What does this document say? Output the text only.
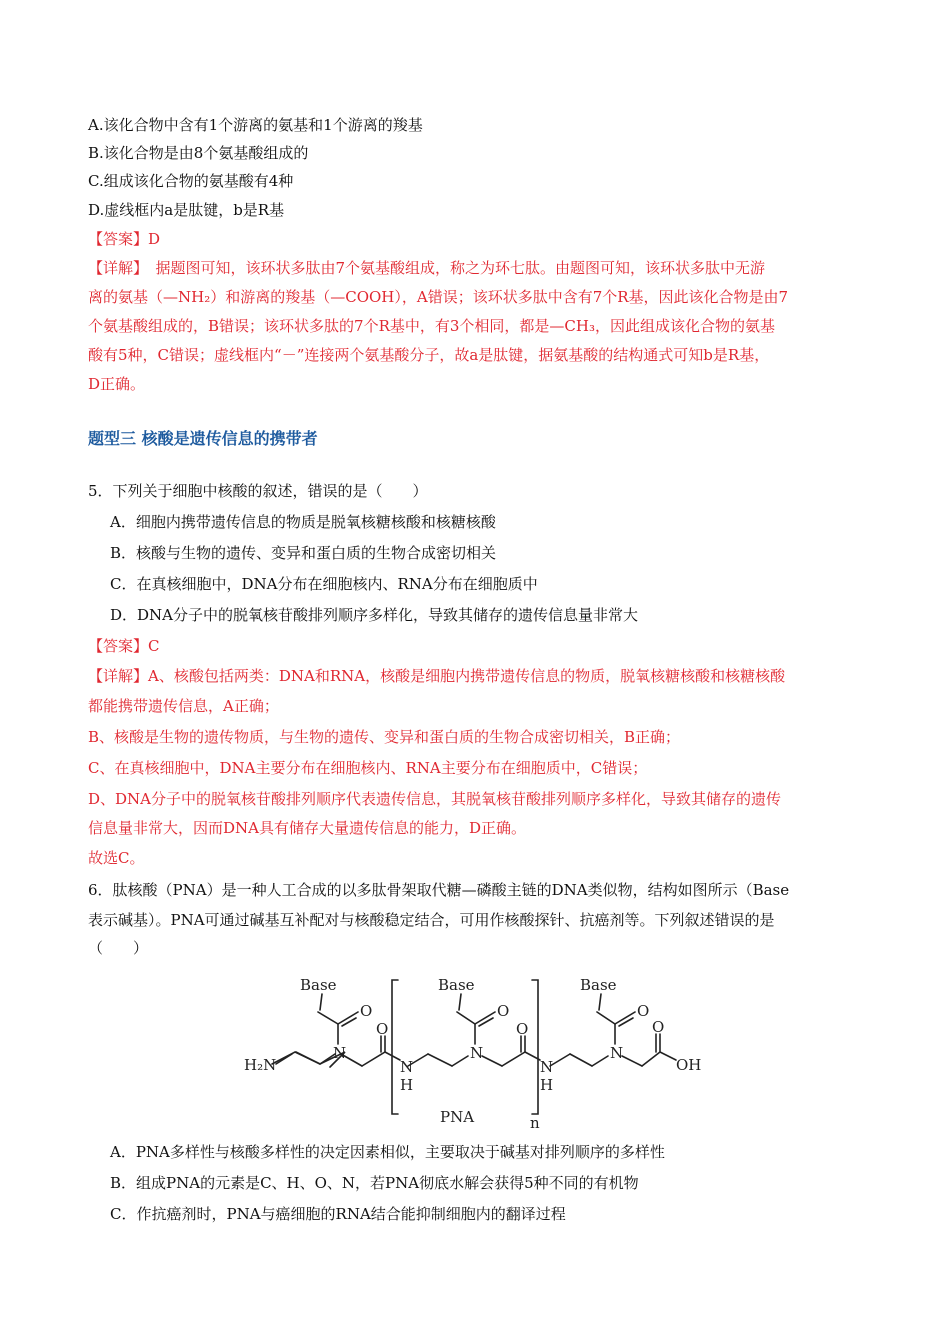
A.该化合物中含有1个游离的氨基和1个游离的羧基
B.该化合物是由8个氨基酸组成的
C.组成该化合物的氨基酸有4种
D.虚线框内a是肽键，b是R基
【答案】D
【详解】　据题图可知，该环状多肽由7个氨基酸组成，称之为环七肽。由题图可知，该环状多肽中无游
离的氨基（—NH₂）和游离的羧基（—COOH），A错误；该环状多肽中含有7个R基，因此该化合物是由7
个氨基酸组成的，B错误；该环状多肽的7个R基中，有3个相同，都是—CH₃，因此组成该化合物的氨基
酸有5种，C错误；虚线框内“－”连接两个氨基酸分子，故a是肽键，据氨基酸的结构通式可知b是R基，
D正确。
题型三 核酸是遗传信息的携带者
5．下列关于细胞中核酸的叙述，错误的是（　　）
A．细胞内携带遗传信息的物质是脱氧核糖核酸和核糖核酸
B．核酸与生物的遗传、变异和蛋白质的生物合成密切相关
C．在真核细胞中，DNA分布在细胞核内、RNA分布在细胞质中
D．DNA分子中的脱氧核苷酸排列顺序多样化，导致其储存的遗传信息量非常大
【答案】C
【详解】A、核酸包括两类：DNA和RNA，核酸是细胞内携带遗传信息的物质，脱氧核糖核酸和核糖核酸
都能携带遗传信息，A正确；
B、核酸是生物的遗传物质，与生物的遗传、变异和蛋白质的生物合成密切相关，B正确；
C、在真核细胞中，DNA主要分布在细胞核内、RNA主要分布在细胞质中，C错误；
D、DNA分子中的脱氧核苷酸排列顺序代表遗传信息，其脱氧核苷酸排列顺序多样化，导致其储存的遗传
信息量非常大，因而DNA具有储存大量遗传信息的能力，D正确。
故选C。
6．肽核酸（PNA）是一种人工合成的以多肽骨架取代糖—磷酸主链的DNA类似物，结构如图所示（Base
表示碱基）。PNA可通过碱基互补配对与核酸稳定结合，可用作核酸探针、抗癌剂等。下列叙述错误的是
（　　）
Base
O
O
N
N
H
H₂N
Base
O
O
N
Base
O
O
N
N
H
OH
n
PNA
A．PNA多样性与核酸多样性的决定因素相似，主要取决于碱基对排列顺序的多样性
B．组成PNA的元素是C、H、O、N，若PNA彻底水解会获得5种不同的有机物
C．作抗癌剂时，PNA与癌细胞的RNA结合能抑制细胞内的翻译过程
